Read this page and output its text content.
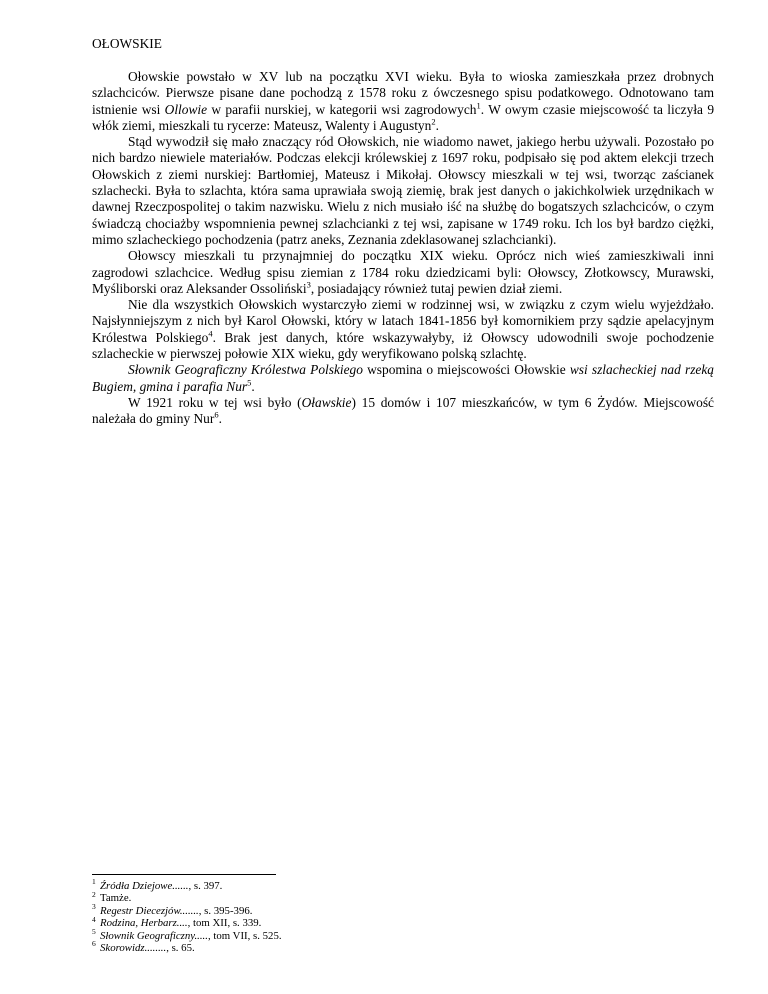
OŁOWSKIE

Ołowskie powstało w XV lub na początku XVI wieku. Była to wioska zamieszkała przez drobnych szlachciców. Pierwsze pisane dane pochodzą z 1578 roku z ówczesnego spisu podatkowego. Odnotowano tam istnienie wsi Ollowie w parafii nurskiej, w kategorii wsi zagrodowych$^1$. W owym czasie miejscowość ta liczyła 9 włók ziemi, mieszkali tu rycerze: Mateusz, Walenty i Augustyn$^2$.

Stąd wywodził się mało znaczący ród Ołowskich, nie wiadomo nawet, jakiego herbu używali. Pozostało po nich bardzo niewiele materiałów. Podczas elekcji królewskiej z 1697 roku, podpisało się pod aktem elekcji trzech Ołowskich z ziemi nurskiej: Bartłomiej, Mateusz i Mikołaj. Ołowscy mieszkali w tej wsi, tworząc zaścianek szlachecki. Była to szlachta, która sama uprawiała swoją ziemię, brak jest danych o jakichkolwiek urzędnikach w dawnej Rzeczpospolitej o takim nazwisku. Wielu z nich musiało iść na służbę do bogatszych szlachciców, o czym świadczą chociażby wspomnienia pewnej szlachcianki z tej wsi, zapisane w 1749 roku. Ich los był bardzo ciężki, mimo szlacheckiego pochodzenia (patrz aneks, Zeznania zdeklasowanej szlachcianki).

Ołowscy mieszkali tu przynajmniej do początku XIX wieku. Oprócz nich wieś zamieszkiwali inni zagrodowi szlachcice. Według spisu ziemian z 1784 roku dziedzicami byli: Ołowscy, Złotkowscy, Murawski, Myśliborski oraz Aleksander Ossoliński$^3$, posiadający również tutaj pewien dział ziemi.

Nie dla wszystkich Ołowskich wystarczyło ziemi w rodzinnej wsi, w związku z czym wielu wyjeżdżało. Najsłynniejszym z nich był Karol Ołowski, który w latach 1841-1856 był komornikiem przy sądzie apelacyjnym Królestwa Polskiego$^4$. Brak jest danych, które wskazywałyby, iż Ołowscy udowodnili swoje pochodzenie szlacheckie w pierwszej połowie XIX wieku, gdy weryfikowano polską szlachtę.

Słownik Geograficzny Królestwa Polskiego wspomina o miejscowości Ołowskie wsi szlacheckiej nad rzeką Bugiem, gmina i parafia Nur$^5$.

W 1921 roku w tej wsi było (Oławskie) 15 domów i 107 mieszkańców, w tym 6 Żydów. Miejscowość należała do gminy Nur$^6$.

$^1$ Źródła Dziejowe......, s. 397.
$^2$ Tamże.
$^3$ Regestr Diecezjów......., s. 395-396.
$^4$ Rodzina, Herbarz...., tom XII, s. 339.
$^5$ Słownik Geograficzny....., tom VII, s. 525.
$^6$ Skorowidz........, s. 65.
